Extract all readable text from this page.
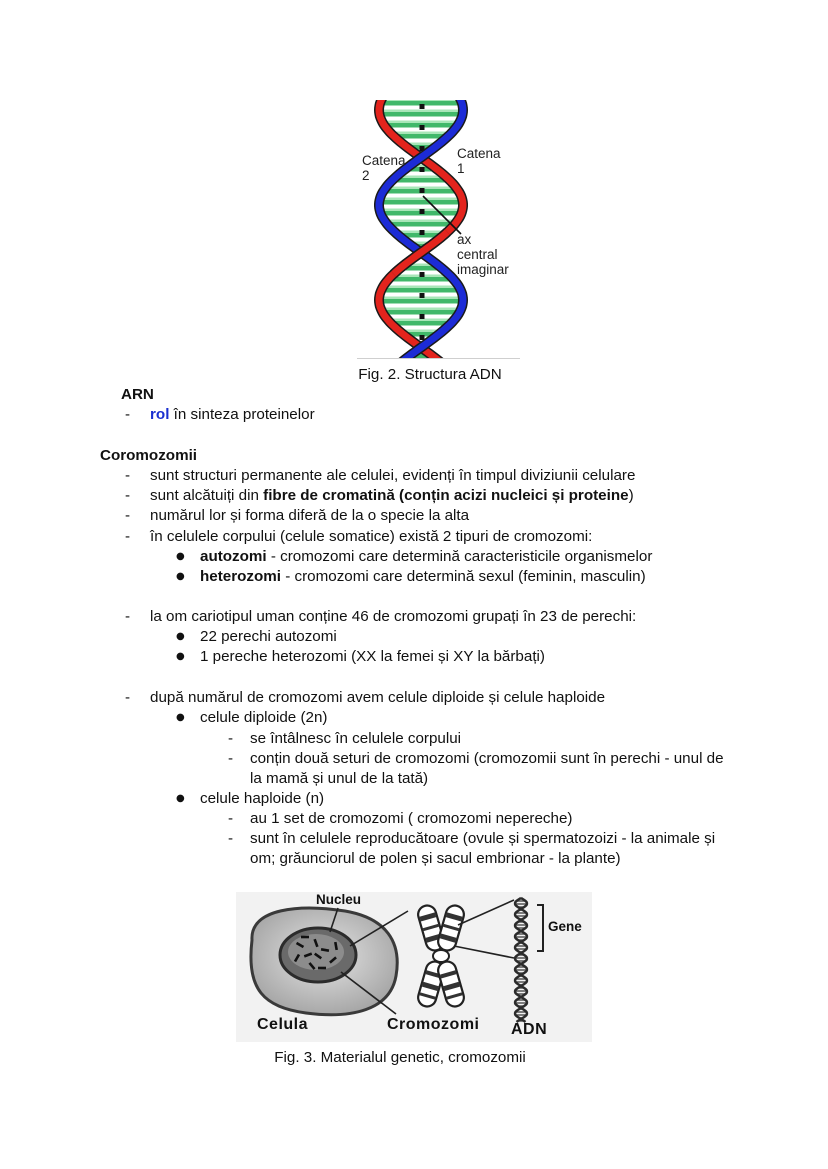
Catena
2
Catena
1
ax
central
imaginar
Fig. 2. Structura ADN
ARN
- rol în sinteza proteinelor
Coromozomii
- sunt structuri permanente ale celulei, evidenți în timpul diviziunii celulare
- sunt alcătuiți din fibre de cromatină (conțin acizi nucleici și proteine)
- numărul lor și forma diferă de la o specie la alta
- în celulele corpului (celule somatice) există 2 tipuri de cromozomi:
● autozomi - cromozomi care determină caracteristicile organismelor
● heterozomi - cromozomi care determină sexul (feminin, masculin)
- la om cariotipul uman conține 46 de cromozomi grupați în 23 de perechi:
● 22 perechi autozomi
● 1 pereche heterozomi (XX la femei și XY la bărbați)
- după numărul de cromozomi avem celule diploide și celule haploide
● celule diploide (2n)
- se întâlnesc în celulele corpului
- conțin două seturi de cromozomi (cromozomii sunt în perechi - unul de
la mamă și unul de la tată)
● celule haploide (n)
- au 1 set de cromozomi ( cromozomi nepereche)
- sunt în celulele reproducătoare (ovule și spermatozoizi - la animale și
om; grăunciorul de polen și sacul embrionar - la plante)
Nucleu
Gene
Celula	Cromozomi ADN
Fig. 3. Materialul genetic, cromozomii
